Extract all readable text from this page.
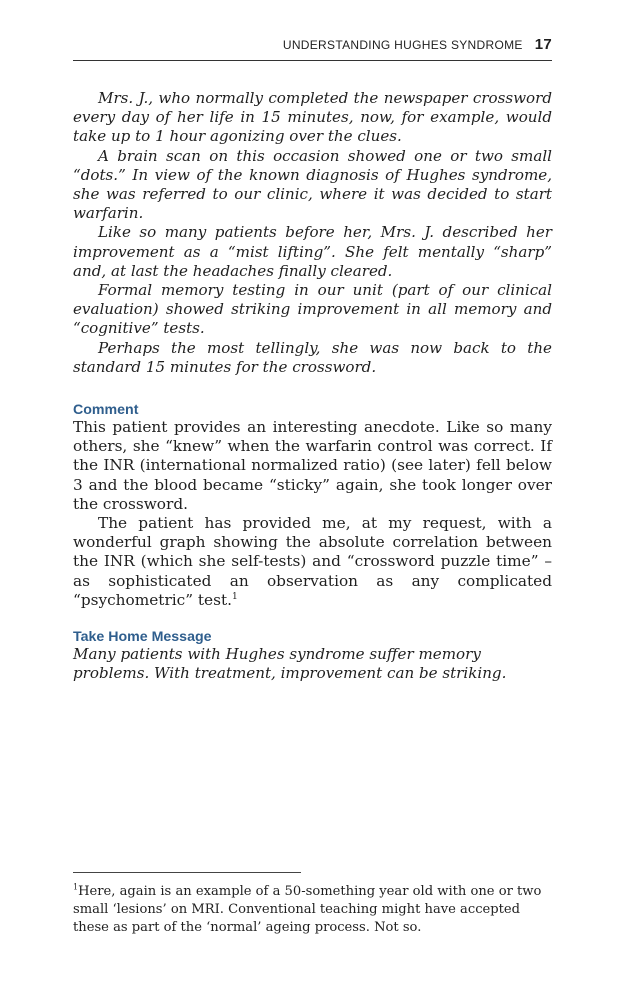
UNDERSTANDING HUGHES SYNDROME 17

Mrs. J., who normally completed the newspaper crossword every day of her life in 15 minutes, now, for example, would take up to 1 hour agonizing over the clues.

A brain scan on this occasion showed one or two small “dots.” In view of the known diagnosis of Hughes syndrome, she was referred to our clinic, where it was decided to start warfarin.

Like so many patients before her, Mrs. J. described her improvement as a “mist lifting”. She felt mentally “sharp” and, at last the headaches finally cleared.

Formal memory testing in our unit (part of our clinical evaluation) showed striking improvement in all memory and “cognitive” tests.

Perhaps the most tellingly, she was now back to the standard 15 minutes for the crossword.

Comment

This patient provides an interesting anecdote. Like so many others, she “knew” when the warfarin control was correct. If the INR (international normalized ratio) (see later) fell below 3 and the blood became “sticky” again, she took longer over the crossword.

The patient has provided me, at my request, with a wonderful graph showing the absolute correlation between the INR (which she self-tests) and “crossword puzzle time” – as sophisticated an observation as any complicated “psychometric” test.$^1$

Take Home Message

Many patients with Hughes syndrome suffer memory problems. With treatment, improvement can be striking.

$^1$Here, again is an example of a 50-something year old with one or two small ‘lesions’ on MRI. Conventional teaching might have accepted these as part of the ‘normal’ ageing process. Not so.
